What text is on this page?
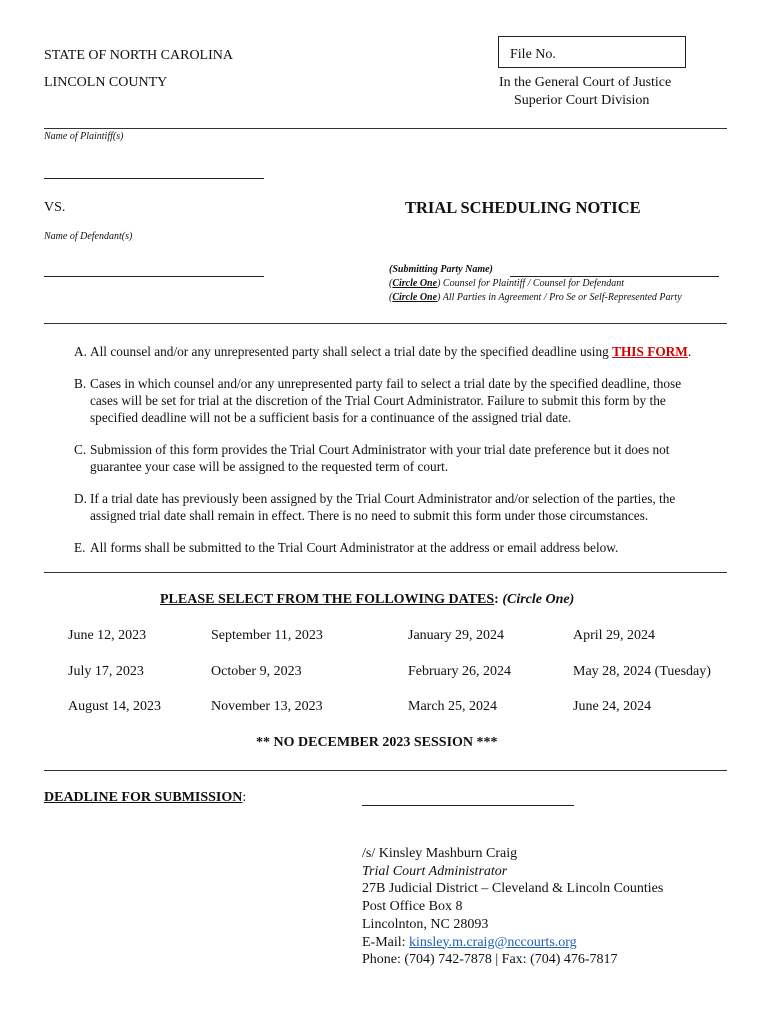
STATE OF NORTH CAROLINA
LINCOLN COUNTY
File No.
In the General Court of Justice
Superior Court Division
Name of Plaintiff(s)
VS.	TRIAL SCHEDULING NOTICE
Name of Defendant(s)
(Submitting Party Name)
(Circle One) Counsel for Plaintiff / Counsel for Defendant
(Circle One) All Parties in Agreement / Pro Se or Self-Represented Party
A. All counsel and/or any unrepresented party shall select a trial date by the specified deadline using THIS FORM.
B. Cases in which counsel and/or any unrepresented party fail to select a trial date by the specified deadline, those
cases will be set for trial at the discretion of the Trial Court Administrator. Failure to submit this form by the
specified deadline will not be a sufficient basis for a continuance of the assigned trial date.
C. Submission of this form provides the Trial Court Administrator with your trial date preference but it does not
guarantee your case will be assigned to the requested term of court.
D. If a trial date has previously been assigned by the Trial Court Administrator and/or selection of the parties, the
assigned trial date shall remain in effect. There is no need to submit this form under those circumstances.
E. All forms shall be submitted to the Trial Court Administrator at the address or email address below.
PLEASE SELECT FROM THE FOLLOWING DATES: (Circle One)
June 12, 2023	September 11, 2023	January 29, 2024	April 29, 2024
July 17, 2023	October 9, 2023	February 26, 2024	May 28, 2024 (Tuesday)
August 14, 2023	November 13, 2023	March 25, 2024	June 24, 2024
** NO DECEMBER 2023 SESSION ***
DEADLINE FOR SUBMISSION:
/s/ Kinsley Mashburn Craig
Trial Court Administrator
27B Judicial District – Cleveland & Lincoln Counties
Post Office Box 8
Lincolnton, NC 28093
E-Mail: kinsley.m.craig@nccourts.org
Phone: (704) 742-7878 | Fax: (704) 476-7817
